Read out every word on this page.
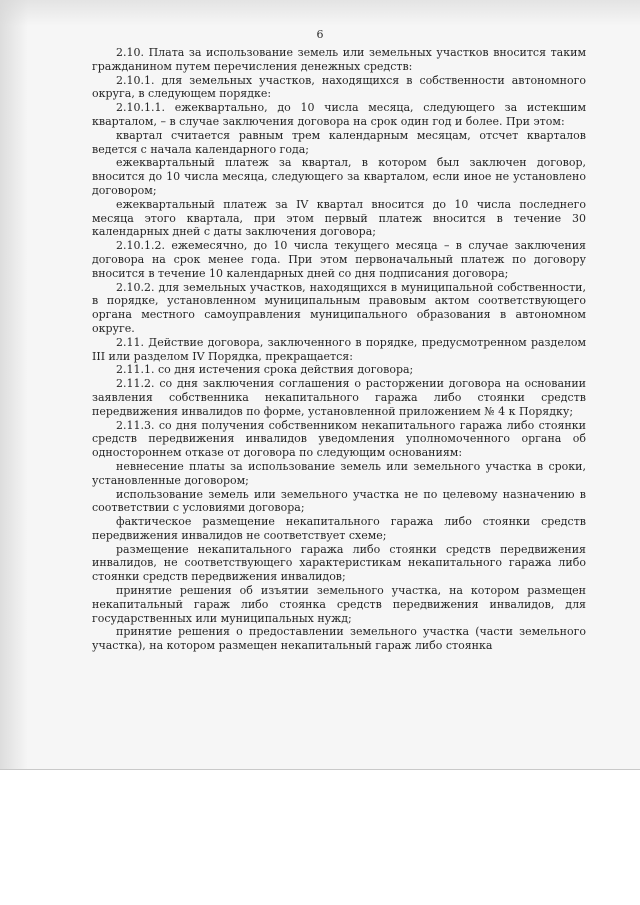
6

2.10. Плата за использование земель или земельных участков вносится таким гражданином путем перечисления денежных средств:

2.10.1. для земельных участков, находящихся в собственности автономного округа, в следующем порядке:

2.10.1.1. ежеквартально, до 10 числа месяца, следующего за истекшим кварталом, – в случае заключения договора на срок один год и более. При этом:

квартал считается равным трем календарным месяцам, отсчет кварталов ведется с начала календарного года;

ежеквартальный платеж за квартал, в котором был заключен договор, вносится до 10 числа месяца, следующего за кварталом, если иное не установлено договором;

ежеквартальный платеж за IV квартал вносится до 10 числа последнего месяца этого квартала, при этом первый платеж вносится в течение 30 календарных дней с даты заключения договора;

2.10.1.2. ежемесячно, до 10 числа текущего месяца – в случае заключения договора на срок менее года. При этом первоначальный платеж по договору вносится в течение 10 календарных дней со дня подписания договора;

2.10.2. для земельных участков, находящихся в муниципальной собственности, в порядке, установленном муниципальным правовым актом соответствующего органа местного самоуправления муниципального образования в автономном округе.

2.11. Действие договора, заключенного в порядке, предусмотренном разделом III или разделом IV Порядка, прекращается:

2.11.1. со дня истечения срока действия договора;

2.11.2. со дня заключения соглашения о расторжении договора на основании заявления собственника некапитального гаража либо стоянки средств передвижения инвалидов по форме, установленной приложением № 4 к Порядку;

2.11.3. со дня получения собственником некапитального гаража либо стоянки средств передвижения инвалидов уведомления уполномоченного органа об одностороннем отказе от договора по следующим основаниям:

невнесение платы за использование земель или земельного участка в сроки, установленные договором;

использование земель или земельного участка не по целевому назначению в соответствии с условиями договора;

фактическое размещение некапитального гаража либо стоянки средств передвижения инвалидов не соответствует схеме;

размещение некапитального гаража либо стоянки средств передвижения инвалидов, не соответствующего характеристикам некапитального гаража либо стоянки средств передвижения инвалидов;

принятие решения об изъятии земельного участка, на котором размещен некапитальный гараж либо стоянка средств передвижения инвалидов, для государственных или муниципальных нужд;

принятие решения о предоставлении земельного участка (части земельного участка), на котором размещен некапитальный гараж либо стоянка
